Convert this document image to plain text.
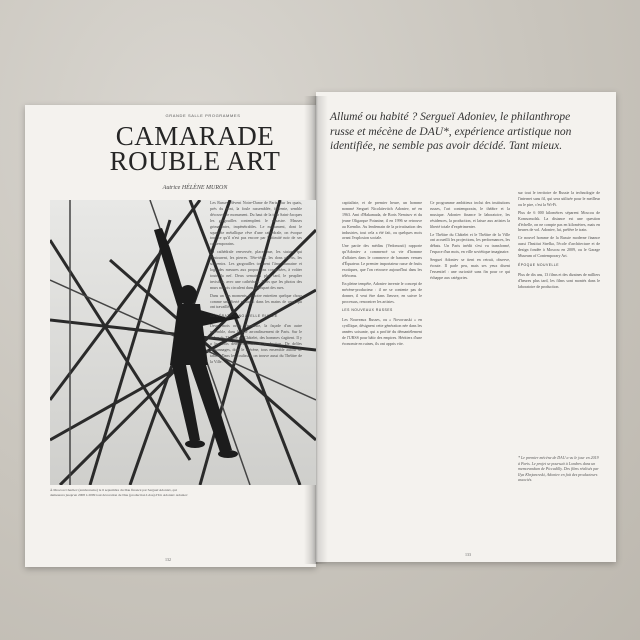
GRANDE SALLE PROGRAMMES
CAMARADE ROUBLE ART
Autrice HÉLÈNE MURON
À Moscou Chertiev (anniversaire) le 6 septembre du Dau financé par Sergueï Adoniev, qui demeurera jusqu'en 2008 à 2009 tout décoration de Dau (production Ldau) d'Un Adoniev Adoniev

Les Russes élèvent Notre-Dame de Paris. Sur les quais, près du pont, la foule rassemblée, fervente, semble découvrir le monument. Du haut de la tour Saint-Jacques les gargouilles contemplent le désastre. Masses grimaçantes, impénétrables. Le monument, dont le squelette métallique rêve d'une cathédrale, on évoque tout ce qu'il n'est pas encore par l'intimité noir de ses contemporains.

La cathédrale renversée, place nue, les statues qui l'entourent, les pierres. Tête-têtes, les dons offerts, les souvenirs. Les gargouilles tournent l'âme humaine et loge des mesures aux proportions composées, à voûter toute la nef. Deux semaines plus tard, le peuplier invisible, avec une cathédrale. Alors que les photos des murs noircis circulent dans la plupart des rues.

Dans un des moments de notre entretien quelque chose comme une fierté ressurgit dans les mains de ceux qui ont travaillé.

GÉNÉRATION NOUVELLE RUSSIE

Deux mois avant l'incendie, la façade d'un autre ensemble, dans le XIe arrondissement de Paris. Sur le Salon du Théâtre du Châtelet, des hommes s'agitent. Il y a les trois derniers jours de production. De drôles personnages, dont le mécène, tous ensemble autour de tables, Dans les coulisses, on trouve aussi du Théâtre de la Ville.

Allumé ou habité ? Sergueï Adoniev, le philanthrope russe et mécène de DAU*, expérience artistique non identifiée, ne semble pas avoir décidé. Tant mieux.

capitaliste, et de premier heure, un homme nommé Sergueï Nicolaïevitch Adoniev, né en 1963. Ami d'Hakamada, de Boris Nemtsov et du jeune Oligarque Potanine, il en 1996 se retrouve au Kremlin. Au lendemain de la privatisation des industries, tout cela a été fait, ou quelques mois avant l'explosion sociale.

Une partie des médias (Vedomosti) rapporte qu'Adoniev a commencé sa vie d'homme d'affaires dans le commerce de bananes venues d'Équateur. Le premier importateur russe de fruits exotiques, que l'on retrouve aujourd'hui dans les télécoms.

En pleine tempête, Adoniev invente le concept de mécène-producteur : il ne se contente pas de donner, il veut être dans l'œuvre, en suivre le processus, rencontrer les artistes.

LES NOUVEAUX RUSSES

Les Nouveaux Russes, ou « Novorusski » en cyrillique, désignent cette génération née dans les années soixante, qui a profité du démantèlement de l'URSS pour bâtir des empires. Héritiers d'une économie en ruines, ils ont appris vite.

Ce programme ambitieux inclut des institutions russes, l'art contemporain, le théâtre et la musique. Adoniev finance le laboratoire, les résidences, la production, et laisse aux artistes la liberté totale d'expérimenter.

Le Théâtre du Châtelet et le Théâtre de la Ville ont accueilli les projections, les performances, les débats. Un Paris inédit s'est vu transformé, l'espace d'un mois, en ville soviétique imaginaire.

Sergueï Adoniev se tient en retrait, observe, écoute. Il parle peu, mais ses yeux disent l'essentiel : une curiosité sans fin pour ce qui échappe aux catégories.

sur tout le territoire de Russie la technologie de l'internet sans fil, qui sera utilisée pour le meilleur ou le pire, c'est la Wi-Fi.

Plus de 6 000 kilomètres séparent Moscou de Komsomolsk. La distance est une question d'échelle, on ne compte pas en kilomètres, mais en heures de vol. Adoniev, lui, préfère le train.

Ce nouvel homme de la Russie moderne finance aussi l'Institut Strelka, l'école d'architecture et de design fondée à Moscou en 2009, ou le Garage Museum of Contemporary Art.

ÉPOQUE NOUVELLE

Plus de dix ans, 13 films et des dizaines de milliers d'heures plus tard, les films sont montés dans le laboratoire de production.

* Le premier mécène de DAU a vu le jour en 2019 à Paris. Le projet se poursuit à Londres dans un memorandum de Piccadilly. Des films réalisés par Ilya Khrjanovski, Adoniev en fait des producteurs associés.
132
133
